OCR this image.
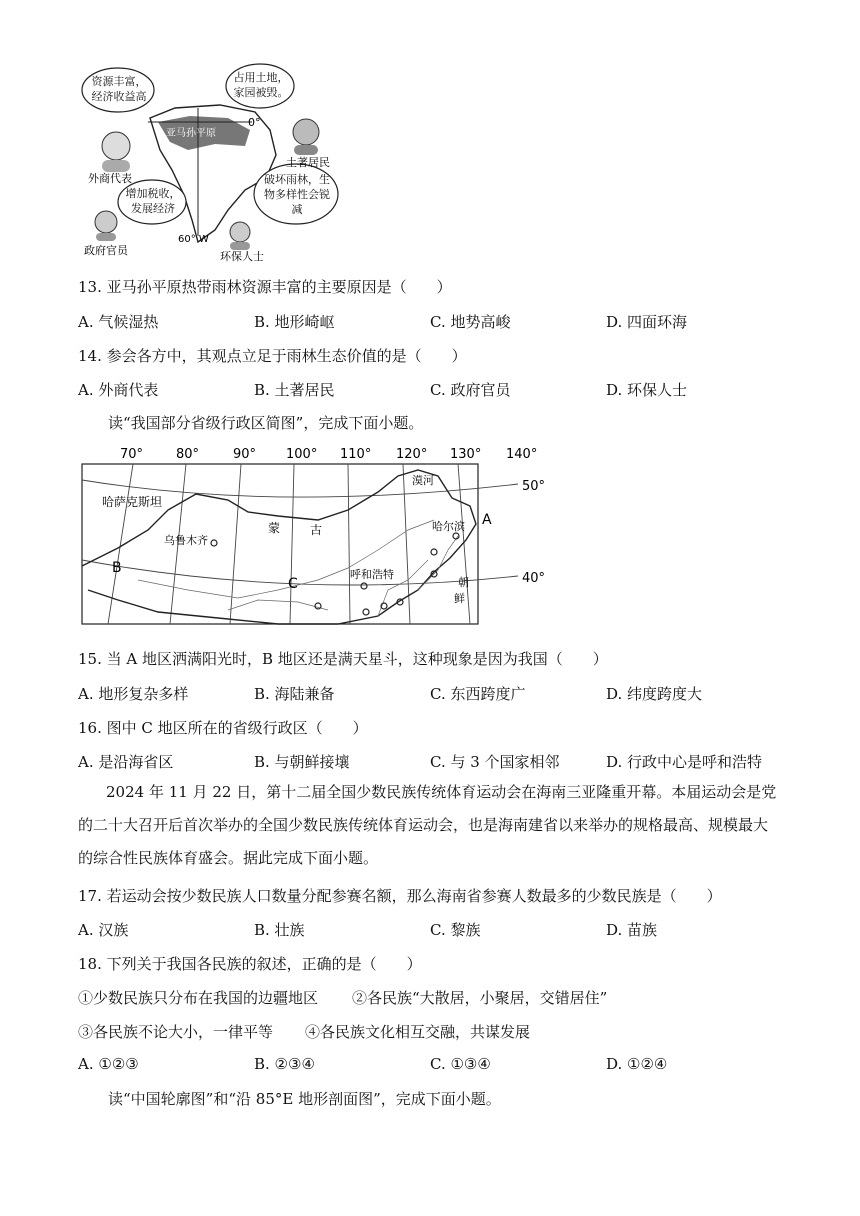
亚马孙平原
0°
60° W
资源丰富，经济收益高
占用土地，家园被毁。
增加税收，发展经济
破坏雨林，生物多样性会锐减
外商代表
土著居民
政府官员	环保人士
13. 亚马孙平原热带雨林资源丰富的主要原因是（　　）
A. 气候湿热	B. 地形崎岖	C. 地势高峻	D. 四面环海
14. 参会各方中，其观点立足于雨林生态价值的是（　　）
A. 外商代表	B. 土著居民	C. 政府官员	D. 环保人士
读“我国部分省级行政区简图”，完成下面小题。
70°	80°	90° 100° 110° 120° 130° 140°
50°
40°
哈萨克斯坦
蒙 古
乌鲁木齐
呼和浩特
哈尔滨
漠河
朝
鲜
A
B
C
15. 当 A 地区洒满阳光时，B 地区还是满天星斗，这种现象是因为我国（　　）
A. 地形复杂多样	B. 海陆兼备	C. 东西跨度广	D. 纬度跨度大
16. 图中 C 地区所在的省级行政区（　　）
A. 是沿海省区	B. 与朝鲜接壤	C. 与 3 个国家相邻	D. 行政中心是呼和浩特
2024 年 11 月 22 日，第十二届全国少数民族传统体育运动会在海南三亚隆重开幕。本届运动会是党的二十大召开后首次举办的全国少数民族传统体育运动会，也是海南建省以来举办的规格最高、规模最大的综合性民族体育盛会。据此完成下面小题。
17. 若运动会按少数民族人口数量分配参赛名额，那么海南省参赛人数最多的少数民族是（　　）
A. 汉族	B. 壮族	C. 黎族	D. 苗族
18. 下列关于我国各民族的叙述，正确的是（　　）
①少数民族只分布在我国的边疆地区 ②各民族“大散居，小聚居，交错居住”
③各民族不论大小，一律平等 ④各民族文化相互交融，共谋发展
A. ①②③	B. ②③④	C. ①③④	D. ①②④
读“中国轮廓图”和“沿 85°E 地形剖面图”，完成下面小题。
